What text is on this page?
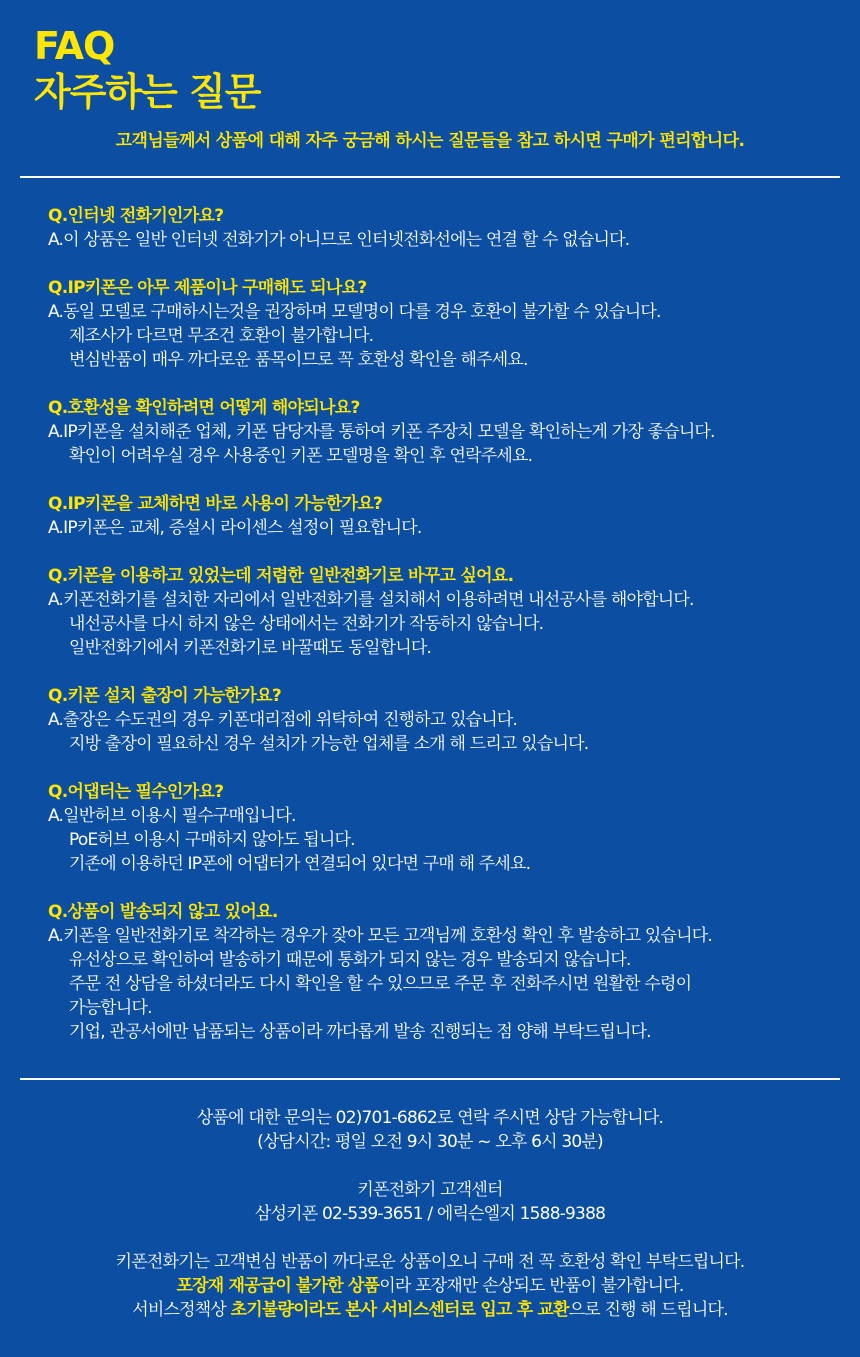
FAQ
자주하는 질문
고객님들께서 상품에 대해 자주 궁금해 하시는 질문들을 참고 하시면 구매가 편리합니다.
Q.인터넷 전화기인가요?
A.이 상품은 일반 인터넷 전화기가 아니므로 인터넷전화선에는 연결 할 수 없습니다.
Q.IP키폰은 아무 제품이나 구매해도 되나요?
A.동일 모델로 구매하시는것을 권장하며 모델명이 다를 경우 호환이 불가할 수 있습니다.
제조사가 다르면 무조건 호환이 불가합니다.
변심반품이 매우 까다로운 품목이므로 꼭 호환성 확인을 해주세요.
Q.호환성을 확인하려면 어떻게 해야되나요?
A.IP키폰을 설치해준 업체, 키폰 담당자를 통하여 키폰 주장치 모델을 확인하는게 가장 좋습니다.
확인이 어려우실 경우 사용중인 키폰 모델명을 확인 후 연락주세요.
Q.IP키폰을 교체하면 바로 사용이 가능한가요?
A.IP키폰은 교체, 증설시 라이센스 설정이 필요합니다.
Q.키폰을 이용하고 있었는데 저렴한 일반전화기로 바꾸고 싶어요.
A.키폰전화기를 설치한 자리에서 일반전화기를 설치해서 이용하려면 내선공사를 해야합니다.
내선공사를 다시 하지 않은 상태에서는 전화기가 작동하지 않습니다.
일반전화기에서 키폰전화기로 바꿀때도 동일합니다.
Q.키폰 설치 출장이 가능한가요?
A.출장은 수도권의 경우 키폰대리점에 위탁하여 진행하고 있습니다.
지방 출장이 필요하신 경우 설치가 가능한 업체를 소개 해 드리고 있습니다.
Q.어댑터는 필수인가요?
A.일반허브 이용시 필수구매입니다.
PoE허브 이용시 구매하지 않아도 됩니다.
기존에 이용하던 IP폰에 어댑터가 연결되어 있다면 구매 해 주세요.
Q.상품이 발송되지 않고 있어요.
A.키폰을 일반전화기로 착각하는 경우가 잦아 모든 고객님께 호환성 확인 후 발송하고 있습니다.
유선상으로 확인하여 발송하기 때문에 통화가 되지 않는 경우 발송되지 않습니다.
주문 전 상담을 하셨더라도 다시 확인을 할 수 있으므로 주문 후 전화주시면 원활한 수령이
가능합니다.
기업, 관공서에만 납품되는 상품이라 까다롭게 발송 진행되는 점 양해 부탁드립니다.
상품에 대한 문의는 02)701-6862로 연락 주시면 상담 가능합니다.
(상담시간: 평일 오전 9시 30분 ~ 오후 6시 30분)
키폰전화기 고객센터
삼성키폰 02-539-3651 / 에릭슨엘지 1588-9388
키폰전화기는 고객변심 반품이 까다로운 상품이오니 구매 전 꼭 호환성 확인 부탁드립니다.
포장재 재공급이 불가한 상품이라 포장재만 손상되도 반품이 불가합니다.
서비스정책상 초기불량이라도 본사 서비스센터로 입고 후 교환으로 진행 해 드립니다.
